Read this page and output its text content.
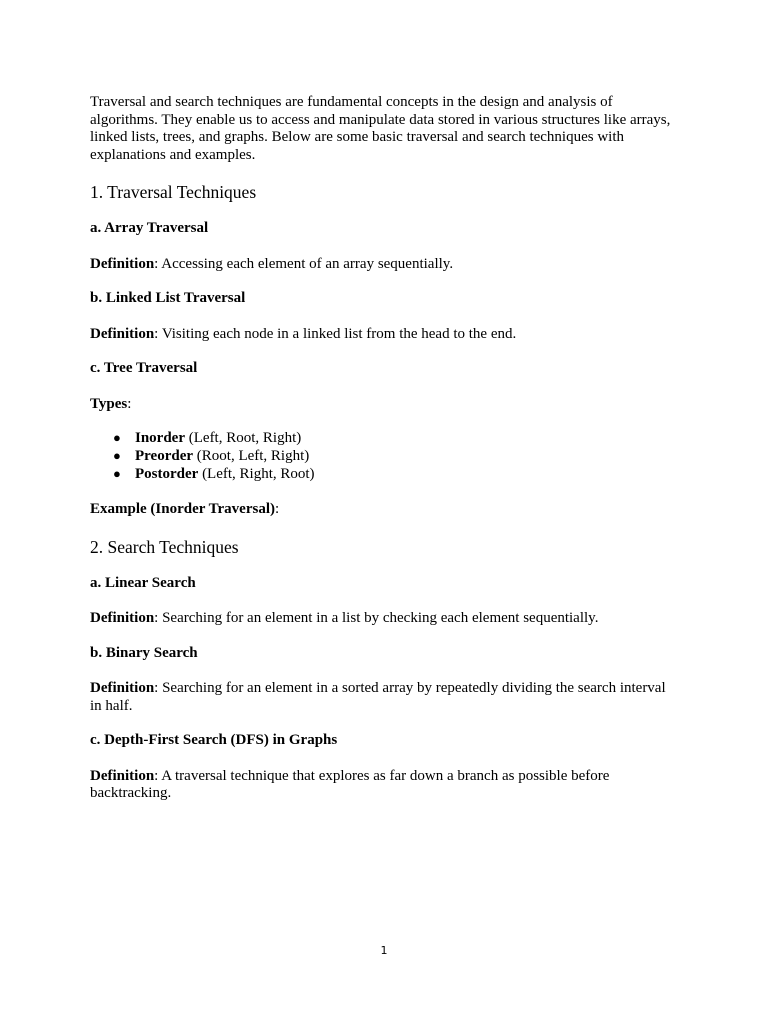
Traversal and search techniques are fundamental concepts in the design and analysis of algorithms. They enable us to access and manipulate data stored in various structures like arrays, linked lists, trees, and graphs. Below are some basic traversal and search techniques with explanations and examples.

1. Traversal Techniques
a. Array Traversal

Definition: Accessing each element of an array sequentially.

b. Linked List Traversal

Definition: Visiting each node in a linked list from the head to the end.

c. Tree Traversal

Types:

● Inorder (Left, Root, Right)
● Preorder (Root, Left, Right)
● Postorder (Left, Right, Root)

Example (Inorder Traversal):

2. Search Techniques
a. Linear Search

Definition: Searching for an element in a list by checking each element sequentially.

b. Binary Search

Definition: Searching for an element in a sorted array by repeatedly dividing the search interval in half.

c. Depth-First Search (DFS) in Graphs

Definition: A traversal technique that explores as far down a branch as possible before backtracking.

1
